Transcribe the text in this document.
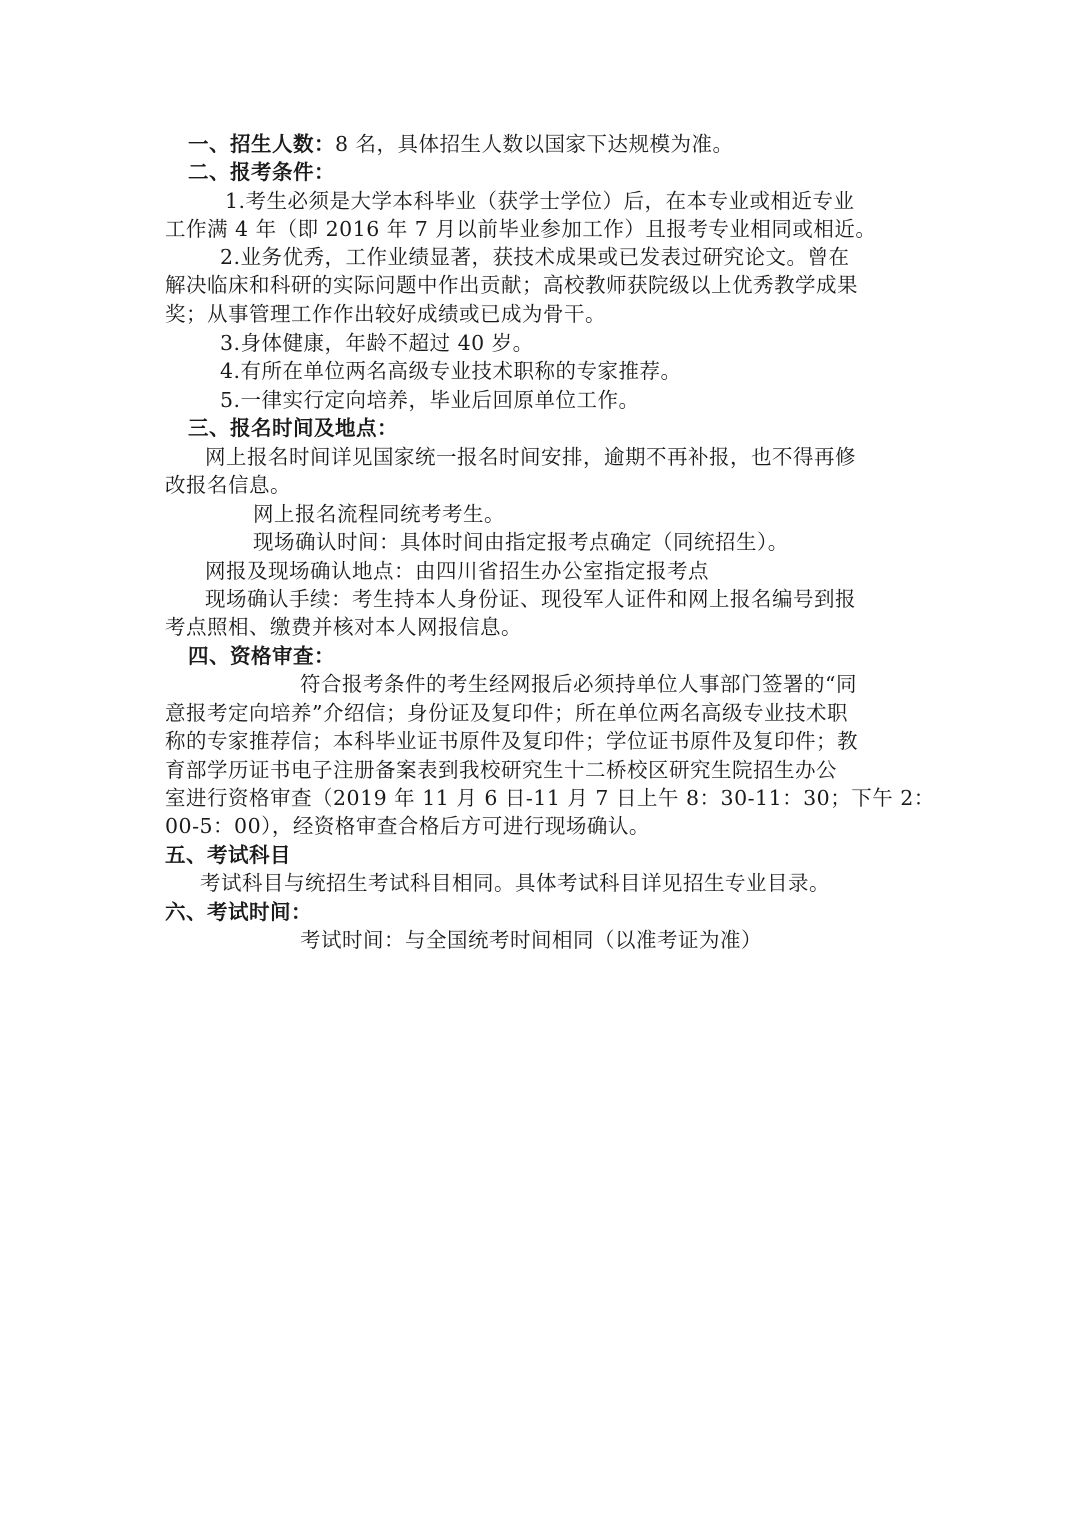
一、招生人数：8 名，具体招生人数以国家下达规模为准。
二、报考条件：
1.考生必须是大学本科毕业（获学士学位）后，在本专业或相近专业
工作满 4 年（即 2016 年 7 月以前毕业参加工作）且报考专业相同或相近。
2.业务优秀，工作业绩显著，获技术成果或已发表过研究论文。曾在
解决临床和科研的实际问题中作出贡献；高校教师获院级以上优秀教学成果
奖；从事管理工作作出较好成绩或已成为骨干。
3.身体健康，年龄不超过 40 岁。
4.有所在单位两名高级专业技术职称的专家推荐。
5.一律实行定向培养，毕业后回原单位工作。
三、报名时间及地点：
网上报名时间详见国家统一报名时间安排，逾期不再补报，也不得再修
改报名信息。
网上报名流程同统考考生。
现场确认时间：具体时间由指定报考点确定（同统招生）。
网报及现场确认地点：由四川省招生办公室指定报考点
现场确认手续：考生持本人身份证、现役军人证件和网上报名编号到报
考点照相、缴费并核对本人网报信息。
四、资格审查：
符合报考条件的考生经网报后必须持单位人事部门签署的“同
意报考定向培养”介绍信；身份证及复印件；所在单位两名高级专业技术职
称的专家推荐信；本科毕业证书原件及复印件；学位证书原件及复印件；教
育部学历证书电子注册备案表到我校研究生十二桥校区研究生院招生办公
室进行资格审查（2019 年 11 月 6 日-11 月 7 日上午 8：30-11：30；下午 2：
00-5：00），经资格审查合格后方可进行现场确认。
五、考试科目
考试科目与统招生考试科目相同。具体考试科目详见招生专业目录。
六、考试时间：
考试时间：与全国统考时间相同（以准考证为准）
